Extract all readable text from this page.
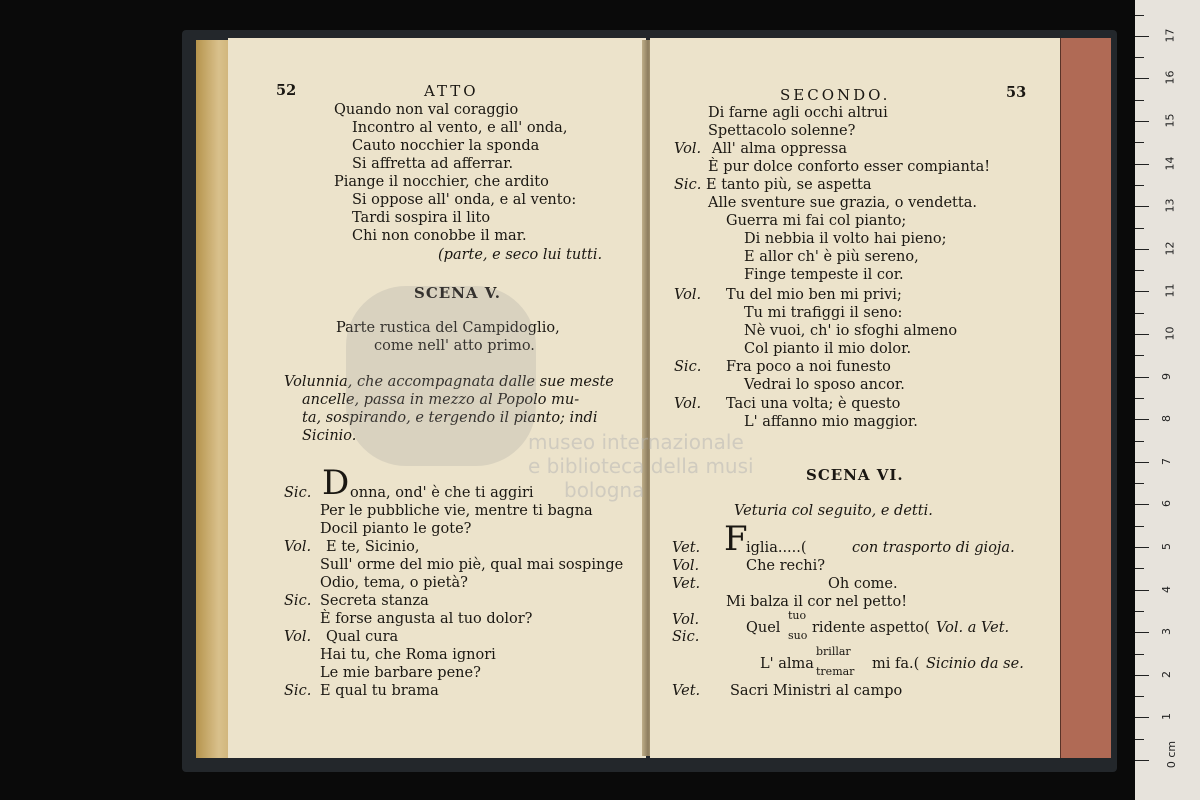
52	ATTO
Quando non val coraggio
Incontro al vento, e all' onda,
Cauto nocchier la sponda
Si affretta ad afferrar.
Piange il nocchier, che ardito
Si oppose all' onda, e al vento:
Tardi sospira il lito
Chi non conobbe il mar.
(parte, e seco lui tutti.
SCENA V.
Parte rustica del Campidoglio,
come nell' atto primo.
Volunnia, che accompagnata dalle sue meste
ancelle, passa in mezzo al Popolo mu-
ta, sospirando, e tergendo il pianto; indi
Sicinio.
Sic. D onna, ond' è che ti aggiri
Per le pubbliche vie, mentre ti bagna
Docil pianto le gote?
Vol. E te, Sicinio,
Sull' orme del mio piè, qual mai sospinge
Odio, tema, o pietà?
Sic. Secreta stanza
È forse angusta al tuo dolor?
Vol. Qual cura
Hai tu, che Roma ignori
Le mie barbare pene?
Sic. E qual tu brama
SECONDO.	53
Di farne agli occhi altrui
Spettacolo solenne?
Vol. All' alma oppressa
È pur dolce conforto esser compianta!
Sic. E tanto più, se aspetta
Alle sventure sue grazia, o vendetta.
Guerra mi fai col pianto;
Di nebbia il volto hai pieno;
E allor ch' è più sereno,
Finge tempeste il cor.
Vol. Tu del mio ben mi privi;
Tu mi trafiggi il seno:
Nè vuoi, ch' io sfoghi almeno
Col pianto il mio dolor.
Sic. Fra poco a noi funesto
Vedrai lo sposo ancor.
Vol. Taci una volta; è questo
L' affanno mio maggior.
SCENA VI.
Veturia col seguito, e detti.
Vet. F
iglia.....(	con trasporto di gioja.
Vol.	Che rechi?
Vet.	Oh come.
Mi balza il cor nel petto!
Vol.
Sic.
Quel
tuo
suo ridente aspetto( Vol. a Vet.
L' alma
brillar
tremar mi fa.( Sicinio da se.
Vet. Sacri Ministri al campo
museo internazionale
e biblioteca della musi
bologna
0 cm
1
2
3
4
5
6
7
8
9
10
11
12
13
14
15
16
17
